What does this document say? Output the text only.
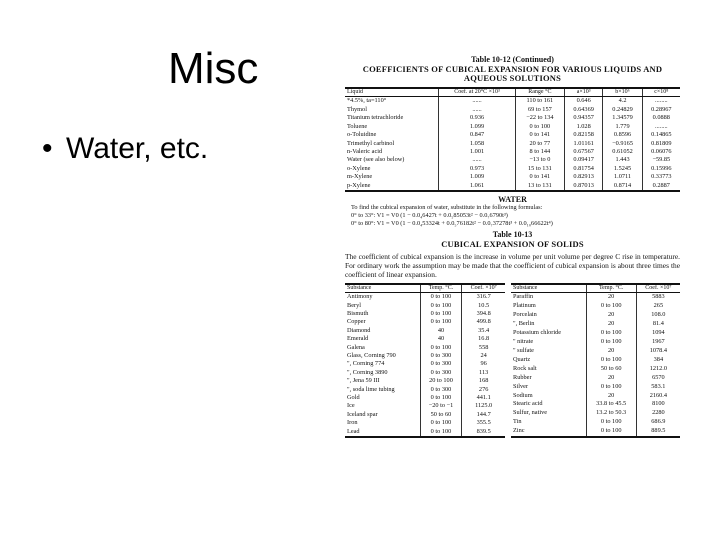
Misc
• Water, etc.
Table 10-12 (Continued)
COEFFICIENTS OF CUBICAL EXPANSION FOR VARIOUS LIQUIDS AND AQUEOUS SOLUTIONS
Liquid	Coef. at 20°C ×10³	Range °C	a×10³	b×10⁶	c×10⁸
*4.5%, ta=110°	......	110 to 161	0.646	4.2	........
Thymol	......	69 to 157	0.64369	0.24829	0.28967
Titanium tetrachloride	0.936	−22 to 134	0.94357	1.34579	0.0888
Toluene	1.099	0 to 100	1.028	1.779	........
o-Toluidine	0.847	0 to 141	0.82158	0.8596	0.14865
Trimethyl carbinol	1.058	20 to 77	1.01161	−0.9165	0.81809
n-Valeric acid	1.001	8 to 144	0.67567	0.61052	0.06076
Water (see also below)	......	−13 to 0	0.09417	1.443	−59.85
o-Xylene	0.973	15 to 131	0.81754	1.5245	0.15996
m-Xylene	1.009	0 to 141	0.82913	1.0711	0.33773
p-Xylene	1.061	13 to 131	0.87013	0.8714	0.2887
WATER
To find the cubical expansion of water, substitute in the following formulas:
0° to 33°: V1 = V0 (1 − 0.0₄6427t + 0.0₅85053t² − 0.0₇6790t³)
0° to 80°: V1 = V0 (1 − 0.0₄53324t + 0.0₅76182t² − 0.0₇37278t³ + 0.0₁₀66622t⁴)
Table 10-13
CUBICAL EXPANSION OF SOLIDS
The coefficient of cubical expansion is the increase in volume per unit volume per degree C rise in temperature. For ordinary work the assumption may be made that the coefficient of cubical expansion is about three times the coefficient of linear expansion.
Substance	Temp. °C.	Coef. ×10⁷
Antimony	0 to 100	316.7
Beryl	0 to 100	10.5
Bismuth	0 to 100	394.8
Copper	0 to 100	499.8
Diamond	40	35.4
Emerald	40	16.8
Galena	0 to 100	558
Glass, Corning 790	0 to 300	24
", Corning 774	0 to 300	96
", Corning 3890	0 to 300	113
", Jena 59 III	20 to 100	168
", soda lime tubing	0 to 300	276
Gold	0 to 100	441.1
Ice	−20 to −1	1125.0
Iceland spar	50 to 60	144.7
Iron	0 to 100	355.5
Lead	0 to 100	839.5
Substance	Temp. °C.	Coef. ×10⁷
Paraffin	20	5883
Platinum	0 to 100	265
Porcelain	20	108.0
", Berlin	20	81.4
Potassium chloride	0 to 100	1094
" nitrate	0 to 100	1967
" sulfate	20	1078.4
Quartz	0 to 100	384
Rock salt	50 to 60	1212.0
Rubber	20	6570
Silver	0 to 100	583.1
Sodium	20	2160.4
Stearic acid	33.8 to 45.5	8100
Sulfur, native	13.2 to 50.3	2280
Tin	0 to 100	686.9
Zinc	0 to 100	889.5
